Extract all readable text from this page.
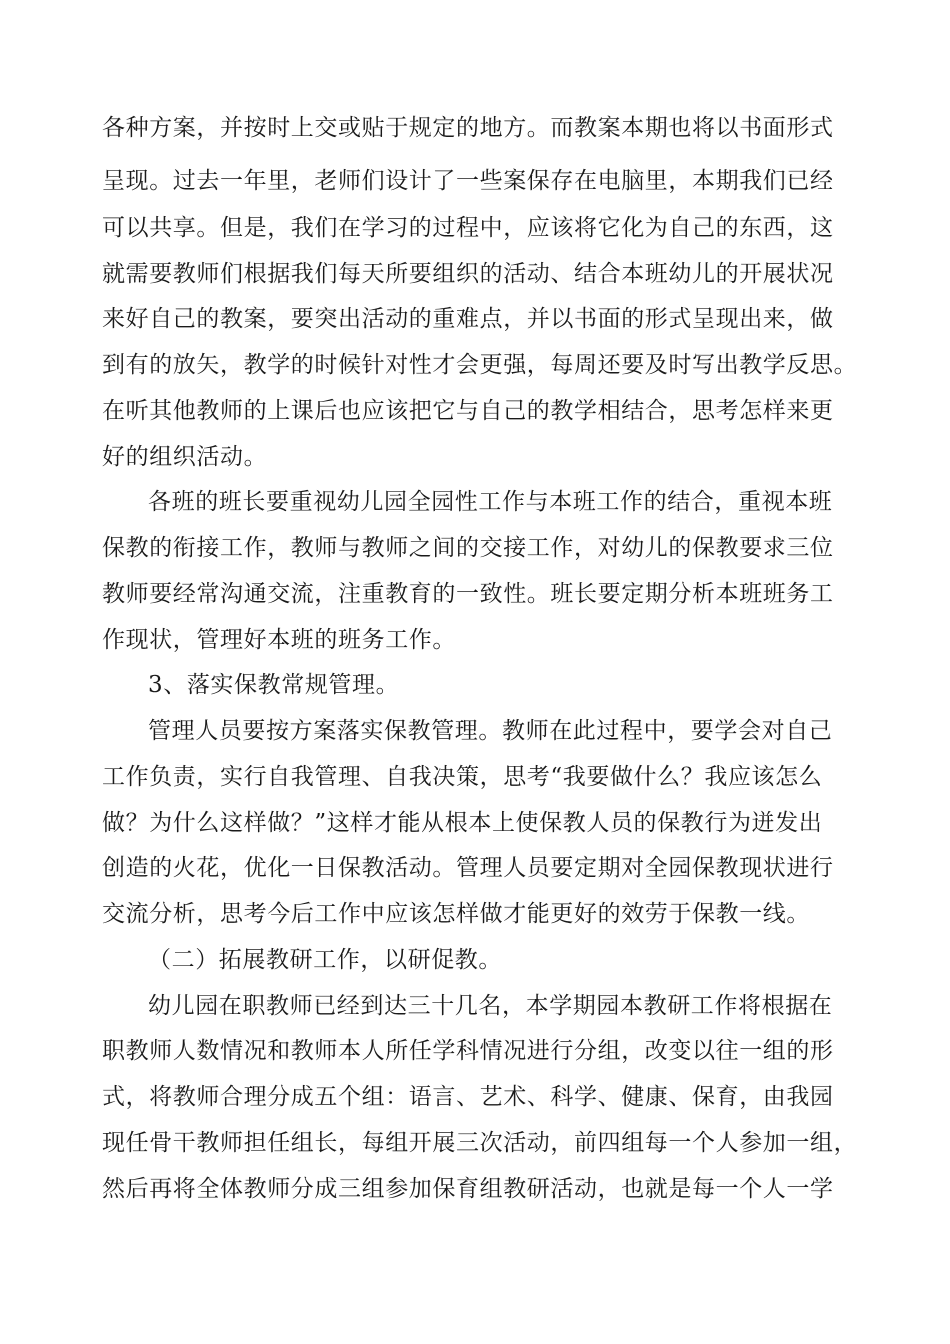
各种方案，并按时上交或贴于规定的地方。而教案本期也将以书面形式
呈现。过去一年里，老师们设计了一些案保存在电脑里，本期我们已经
可以共享。但是，我们在学习的过程中，应该将它化为自己的东西，这
就需要教师们根据我们每天所要组织的活动、结合本班幼儿的开展状况
来好自己的教案，要突出活动的重难点，并以书面的形式呈现出来，做
到有的放矢，教学的时候针对性才会更强，每周还要及时写出教学反思。
在听其他教师的上课后也应该把它与自己的教学相结合，思考怎样来更
好的组织活动。
各班的班长要重视幼儿园全园性工作与本班工作的结合，重视本班
保教的衔接工作，教师与教师之间的交接工作，对幼儿的保教要求三位
教师要经常沟通交流，注重教育的一致性。班长要定期分析本班班务工
作现状，管理好本班的班务工作。
3、落实保教常规管理。
管理人员要按方案落实保教管理。教师在此过程中，要学会对自己
工作负责，实行自我管理、自我决策，思考“我要做什么？我应该怎么
做？为什么这样做？”这样才能从根本上使保教人员的保教行为迸发出
创造的火花，优化一日保教活动。管理人员要定期对全园保教现状进行
交流分析，思考今后工作中应该怎样做才能更好的效劳于保教一线。
（二）拓展教研工作，以研促教。
幼儿园在职教师已经到达三十几名，本学期园本教研工作将根据在
职教师人数情况和教师本人所任学科情况进行分组，改变以往一组的形
式，将教师合理分成五个组：语言、艺术、科学、健康、保育，由我园
现任骨干教师担任组长，每组开展三次活动，前四组每一个人参加一组，
然后再将全体教师分成三组参加保育组教研活动，也就是每一个人一学
